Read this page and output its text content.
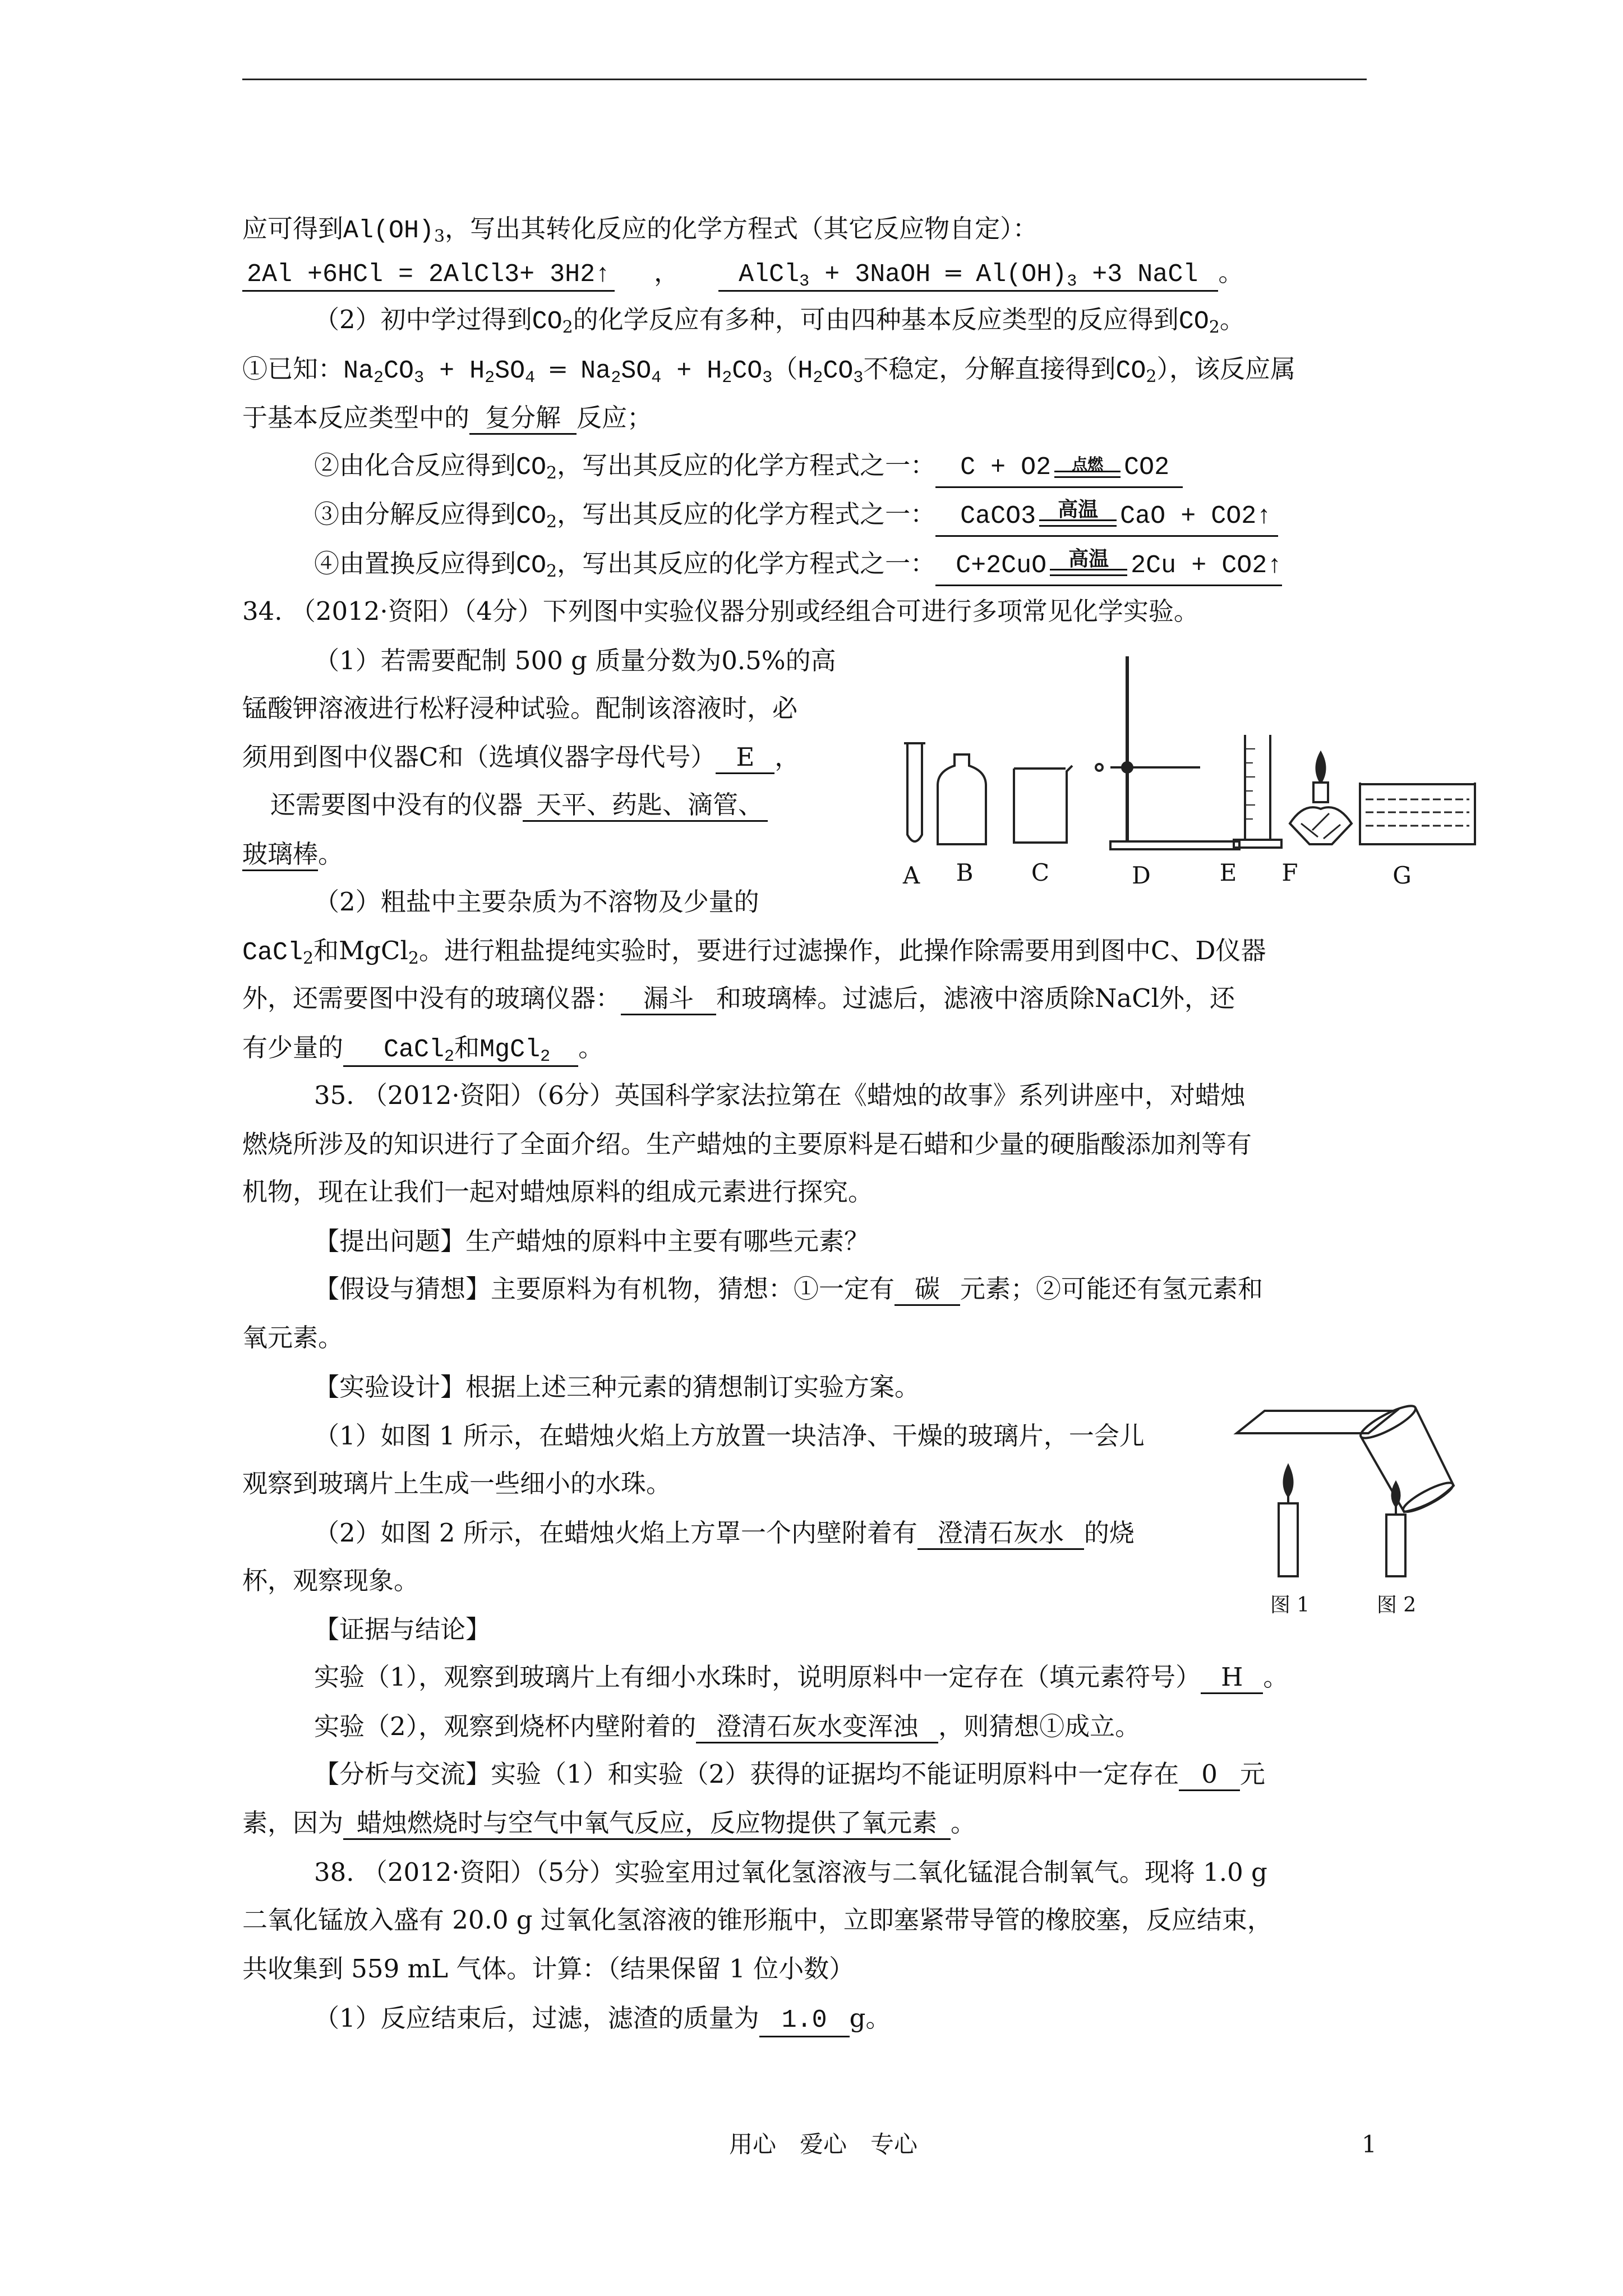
应可得到$Al(OH)_3$，写出其转化反应的化学方程式（其它反应物自定）：
2Al +6HCl = 2AlCl3+ 3H2↑ ， AlCl$_3$ + 3NaOH ═ $Al(OH)_3 +3$ NaCl 。
（2）初中学过得到$CO_2$的化学反应有多种，可由四种基本反应类型的反应得到$CO_2$。
①已知：$Na_2CO_3 + H_2SO_4$ ═ $Na_2SO_4 + H_2CO_3(H_2CO_3$不稳定，分解直接得到$CO_2$），该反应属
于基本反应类型中的 复分解 反应；
②由化合反应得到$CO_2$，写出其反应的化学方程式之一： C + O2	点燃 CO2
③由分解反应得到$CO_2$，写出其反应的化学方程式之一： CaCO3	高温 CaO + CO2↑
④由置换反应得到$CO_2$，写出其反应的化学方程式之一： C+2CuO	高温 2Cu + CO2↑
34. （2012·资阳）（4分）下列图中实验仪器分别或经组合可进行多项常见化学实验。
（1）若需要配制 500 g 质量分数为0.5%的高
锰酸钾溶液进行松籽浸种试验。配制该溶液时，必
须用到图中仪器C和（选填仪器字母代号） E ，
还需要图中没有的仪器 天平、药匙、滴管、
玻璃棒。
A B C	D	E F	G
（2）粗盐中主要杂质为不溶物及少量的
CaCl$_2$和MgCl$_2$。进行粗盐提纯实验时，要进行过滤操作，此操作除需要用到图中C、D仪器
外，还需要图中没有的玻璃仪器： 漏斗 和玻璃棒。过滤后，滤液中溶质除NaCl外，还
有少量的 CaCl$_2$和MgCl$_2$ 。
35. （2012·资阳）（6分）英国科学家法拉第在《蜡烛的故事》系列讲座中，对蜡烛
燃烧所涉及的知识进行了全面介绍。生产蜡烛的主要原料是石蜡和少量的硬脂酸添加剂等有
机物，现在让我们一起对蜡烛原料的组成元素进行探究。
【提出问题】生产蜡烛的原料中主要有哪些元素？
【假设与猜想】主要原料为有机物，猜想：①一定有 碳 元素；②可能还有氢元素和
氧元素。
【实验设计】根据上述三种元素的猜想制订实验方案。
（1）如图 1 所示，在蜡烛火焰上方放置一块洁净、干燥的玻璃片，一会儿
观察到玻璃片上生成一些细小的水珠。
（2）如图 2 所示，在蜡烛火焰上方罩一个内壁附着有 澄清石灰水 的烧
杯，观察现象。
图 1	图 2
【证据与结论】
实验（1），观察到玻璃片上有细小水珠时，说明原料中一定存在（填元素符号） H 。
实验（2），观察到烧杯内壁附着的 澄清石灰水变浑浊 ，则猜想①成立。
【分析与交流】实验（1）和实验（2）获得的证据均不能证明原料中一定存在 0 元
素，因为 蜡烛燃烧时与空气中氧气反应，反应物提供了氧元素 。
38. （2012·资阳）（5分）实验室用过氧化氢溶液与二氧化锰混合制氧气。现将 1.0 g
二氧化锰放入盛有 20.0 g 过氧化氢溶液的锥形瓶中，立即塞紧带导管的橡胶塞，反应结束，
共收集到 559 mL 气体。计算：（结果保留 1 位小数）
（1）反应结束后，过滤，滤渣的质量为 1.0 g。
用心　爱心　专心	1
